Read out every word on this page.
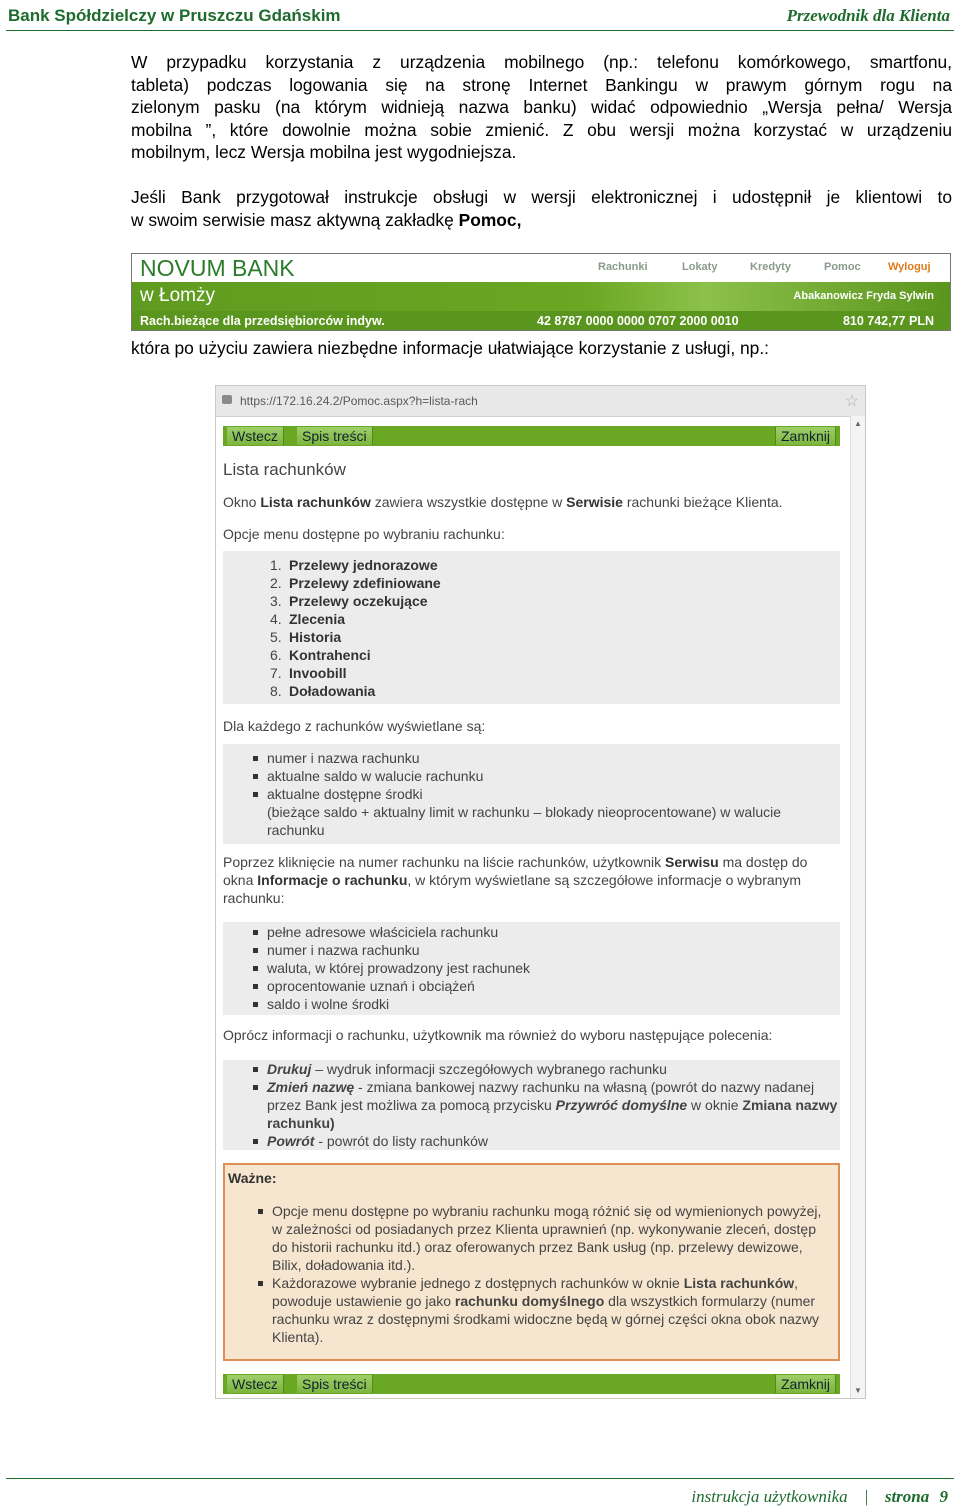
Bank Spółdzielczy w Pruszczu Gdańskim	Przewodnik dla Klienta
W przypadku korzystania z urządzenia mobilnego (np.: telefonu komórkowego, smartfonu,
tableta) podczas logowania się na stronę Internet Bankingu w prawym górnym rogu na
zielonym pasku (na którym widnieją nazwa banku) widać odpowiednio „Wersja pełna/ Wersja
mobilna ”, które dowolnie można sobie zmienić. Z obu wersji można korzystać w urządzeniu
mobilnym, lecz Wersja mobilna jest wygodniejsza.
Jeśli Bank przygotował instrukcje obsługi w wersji elektronicznej i udostępnił je klientowi to
w swoim serwisie masz aktywną zakładkę Pomoc,
NOVUM BANK	Rachunki	Lokaty	Kredyty	Pomoc Wyloguj
w Łomży	Abakanowicz Fryda Sylwin
Rach.bieżące dla przedsiębiorców indyw.	42 8787 0000 0000 0707 2000 0010	810 742,77 PLN
która po użyciu zawiera niezbędne informacje ułatwiające korzystanie z usługi, np.:
https://172.16.24.2/Pomoc.aspx?h=lista-rach	☆
▲
▼
Wstecz	Spis treści	Zamknij
Lista rachunków
Okno Lista rachunków zawiera wszystkie dostępne w Serwisie rachunki bieżące Klienta.
Opcje menu dostępne po wybraniu rachunku:
1. Przelewy jednorazowe
2. Przelewy zdefiniowane
3. Przelewy oczekujące
4. Zlecenia
5. Historia
6. Kontrahenci
7. Invoobill
8. Doładowania
Dla każdego z rachunków wyświetlane są:
numer i nazwa rachunku
aktualne saldo w walucie rachunku
aktualne dostępne środki
(bieżące saldo + aktualny limit w rachunku – blokady nieoprocentowane) w walucie
rachunku
Poprzez kliknięcie na numer rachunku na liście rachunków, użytkownik Serwisu ma dostęp do
okna Informacje o rachunku, w którym wyświetlane są szczegółowe informacje o wybranym
rachunku:
pełne adresowe właściciela rachunku
numer i nazwa rachunku
waluta, w której prowadzony jest rachunek
oprocentowanie uznań i obciążeń
saldo i wolne środki
Oprócz informacji o rachunku, użytkownik ma również do wyboru następujące polecenia:
Drukuj – wydruk informacji szczegółowych wybranego rachunku
Zmień nazwę - zmiana bankowej nazwy rachunku na własną (powrót do nazwy nadanej
przez Bank jest możliwa za pomocą przycisku Przywróć domyślne w oknie Zmiana nazwy
rachunku)
Powrót - powrót do listy rachunków
Ważne:
Opcje menu dostępne po wybraniu rachunku mogą różnić się od wymienionych powyżej,
w zależności od posiadanych przez Klienta uprawnień (np. wykonywanie zleceń, dostęp
do historii rachunku itd.) oraz oferowanych przez Bank usług (np. przelewy dewizowe,
Bilix, doładowania itd.).
Każdorazowe wybranie jednego z dostępnych rachunków w oknie Lista rachunków,
powoduje ustawienie go jako rachunku domyślnego dla wszystkich formularzy (numer
rachunku wraz z dostępnymi środkami widoczne będą w górnej części okna obok nazwy
Klienta).
Wstecz	Spis treści	Zamknij
instrukcja użytkownika | strona 9
